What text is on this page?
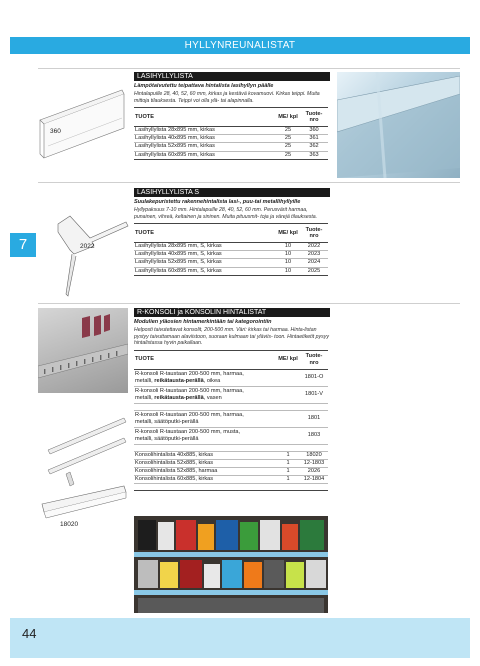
HYLLYNREUNALISTAT
360
LASIHYLLYLISTA
Lämpötaivutettu teipattava hintalista lasihyllyn päälle
Hintalapuille 28, 40, 52, 60 mm, kirkas ja kestävä kovamuovi. Kirkas teippi. Muita mittoja tilauksesta. Teippi voi olla ylä- tai alapinnalla.
TUOTE	ME/ kpl	Tuote- nro
Lasihyllylista 28x895 mm, kirkas	25	360
Lasihyllylista 40x895 mm, kirkas	25	361
Lasihyllylista 52x895 mm, kirkas	25	362
Lasihyllylista 60x895 mm, kirkas	25	363
2022
7
LASIHYLLYLISTA S
Suulakepuristettu rakennehintalista lasi-, puu-tai metallihyllyille
Hyllypaksuus 7-10 mm. Hintalapuille 28, 40, 52, 60 mm. Perusvärit harmaa, punainen, vihreä, keltainen ja sininen. Muita pituusmit- toja ja värejä tilauksesta.
TUOTE	ME/ kpl	Tuote- nro
Lasihyllylista 28x895 mm, S, kirkas	10	2022
Lasihyllylista 40x895 mm, S, kirkas	10	2023
Lasihyllylista 52x895 mm, S, kirkas	10	2024
Lasihyllylista 60x895 mm, S, kirkas	10	2025
18020
R-KONSOLI ja KONSOLIN HINTALISTAT
Modulien yläosien hintamerkintään tai kategorointiin
Helposti taivutettavat konsolit, 200-500 mm. Väri: kirkas tai harmaa. Hinta-listan pystyy taivuttamaan alaviistoon, suoraan kulmaan tai yläviis- toon. Hintaetiketit pysyy hintalistassa hyvin paikallaan.
TUOTE	ME/ kpl	Tuote- nro
R-konsoli R-taustaan 200-500 mm, harmaa,
metalli, reikätausta-perällä, oikea		1801-O
R-konsoli R-taustaan 200-500 mm, harmaa,
metalli, reikätausta-perällä, vasen		1801-V

R-konsoli R-taustaan 200-500 mm, harmaa,
metalli, säätöputki-perällä		1801
R-konsoli R-taustaan 200-500 mm, musta,
metalli, säätöputki-perällä		1803

Konsolihintalista 40x885, kirkas	1	18020
Konsolihintalista 52x885, kirkas	1	12-1803
Konsolihintalista 52x885, harmaa	1	2026
Konsolihintalista 60x885, kirkas	1	12-1804

44
